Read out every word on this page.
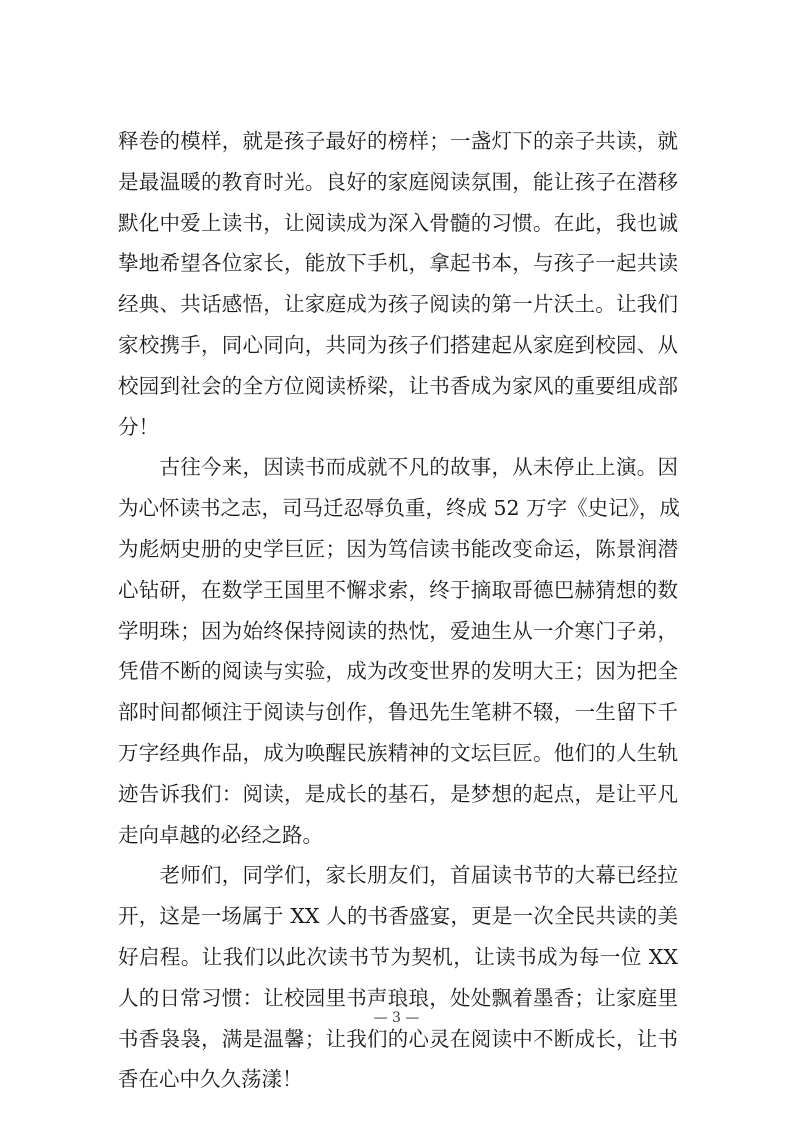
释卷的模样，就是孩子最好的榜样；一盏灯下的亲子共读，就
是最温暖的教育时光。良好的家庭阅读氛围，能让孩子在潜移
默化中爱上读书，让阅读成为深入骨髓的习惯。在此，我也诚
挚地希望各位家长，能放下手机，拿起书本，与孩子一起共读
经典、共话感悟，让家庭成为孩子阅读的第一片沃土。让我们
家校携手，同心同向，共同为孩子们搭建起从家庭到校园、从
校园到社会的全方位阅读桥梁，让书香成为家风的重要组成部
分！
　　古往今来，因读书而成就不凡的故事，从未停止上演。因
为心怀读书之志，司马迁忍辱负重，终成 52 万字《史记》，成
为彪炳史册的史学巨匠；因为笃信读书能改变命运，陈景润潜
心钻研，在数学王国里不懈求索，终于摘取哥德巴赫猜想的数
学明珠；因为始终保持阅读的热忱，爱迪生从一介寒门子弟，
凭借不断的阅读与实验，成为改变世界的发明大王；因为把全
部时间都倾注于阅读与创作，鲁迅先生笔耕不辍，一生留下千
万字经典作品，成为唤醒民族精神的文坛巨匠。他们的人生轨
迹告诉我们：阅读，是成长的基石，是梦想的起点，是让平凡
走向卓越的必经之路。
　　老师们，同学们，家长朋友们，首届读书节的大幕已经拉
开，这是一场属于 XX 人的书香盛宴，更是一次全民共读的美
好启程。让我们以此次读书节为契机，让读书成为每一位 XX
人的日常习惯：让校园里书声琅琅，处处飘着墨香；让家庭里
书香袅袅，满是温馨；让我们的心灵在阅读中不断成长，让书
香在心中久久荡漾！
— 3 —
